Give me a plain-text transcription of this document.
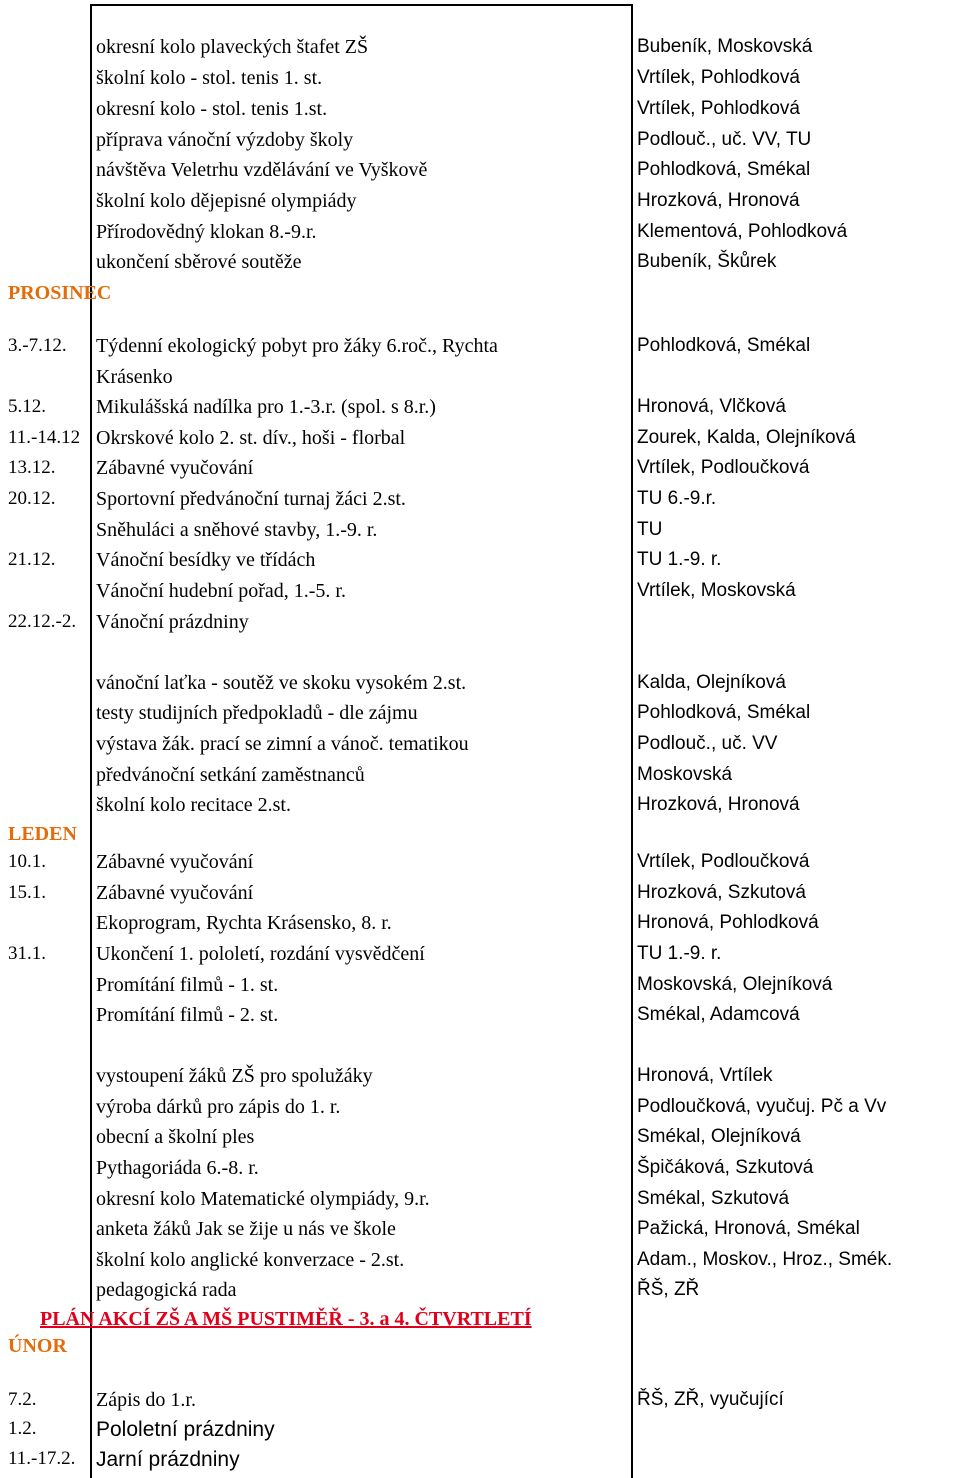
okresní kolo plaveckých štafet ZŠ	Bubeník, Moskovská
školní kolo - stol. tenis 1. st.	Vrtílek, Pohlodková
okresní kolo - stol. tenis 1.st.	Vrtílek, Pohlodková
příprava vánoční výzdoby školy	Podlouč., uč. VV, TU
návštěva Veletrhu vzdělávání ve Vyškově	Pohlodková, Smékal
školní kolo dějepisné olympiády	Hrozková, Hronová
Přírodovědný klokan 8.-9.r.	Klementová, Pohlodková
ukončení sběrové soutěže	Bubeník, Škůrek
PROSINEC
3.-7.12. Týdenní ekologický pobyt pro žáky 6.roč., Rychta	Pohlodková, Smékal
Krásenko
5.12.	Mikulášská nadílka pro 1.-3.r. (spol. s 8.r.)	Hronová, Vlčková
11.-14.12 Okrskové kolo 2. st. dív., hoši - florbal	Zourek, Kalda, Olejníková
13.12. Zábavné vyučování	Vrtílek, Podloučková
20.12. Sportovní předvánoční turnaj žáci 2.st.	TU 6.-9.r.
Sněhuláci a sněhové stavby, 1.-9. r.	TU
21.12. Vánoční besídky ve třídách	TU 1.-9. r.
Vánoční hudební pořad, 1.-5. r.	Vrtílek, Moskovská
22.12.-2. Vánoční prázdniny
vánoční laťka - soutěž ve skoku vysokém 2.st.	Kalda, Olejníková
testy studijních předpokladů - dle zájmu	Pohlodková, Smékal
výstava žák. prací se zimní a vánoč. tematikou	Podlouč., uč. VV
předvánoční setkání zaměstnanců	Moskovská
školní kolo recitace 2.st.	Hrozková, Hronová
LEDEN
10.1.	Zábavné vyučování	Vrtílek, Podloučková
15.1.	Zábavné vyučování	Hrozková, Szkutová
Ekoprogram, Rychta Krásensko, 8. r.	Hronová, Pohlodková
31.1.	Ukončení 1. pololetí, rozdání vysvědčení	TU 1.-9. r.
Promítání filmů - 1. st.	Moskovská, Olejníková
Promítání filmů - 2. st.	Smékal, Adamcová
vystoupení žáků ZŠ pro spolužáky	Hronová, Vrtílek
výroba dárků pro zápis do 1. r.	Podloučková, vyučuj. Pč a Vv
obecní a školní ples	Smékal, Olejníková
Pythagoriáda 6.-8. r.	Špičáková, Szkutová
okresní kolo Matematické olympiády, 9.r.	Smékal, Szkutová
anketa žáků Jak se žije u nás ve škole	Pažická, Hronová, Smékal
školní kolo anglické konverzace - 2.st.	Adam., Moskov., Hroz., Smék.
pedagogická rada	ŘŠ, ZŘ
PLÁN AKCÍ ZŠ A MŠ PUSTIMĚŘ - 3. a 4. ČTVRTLETÍ
ÚNOR
7.2.	Zápis do 1.r.	ŘŠ, ZŘ, vyučující
1.2.	Pololetní prázdniny
11.-17.2. Jarní prázdniny
